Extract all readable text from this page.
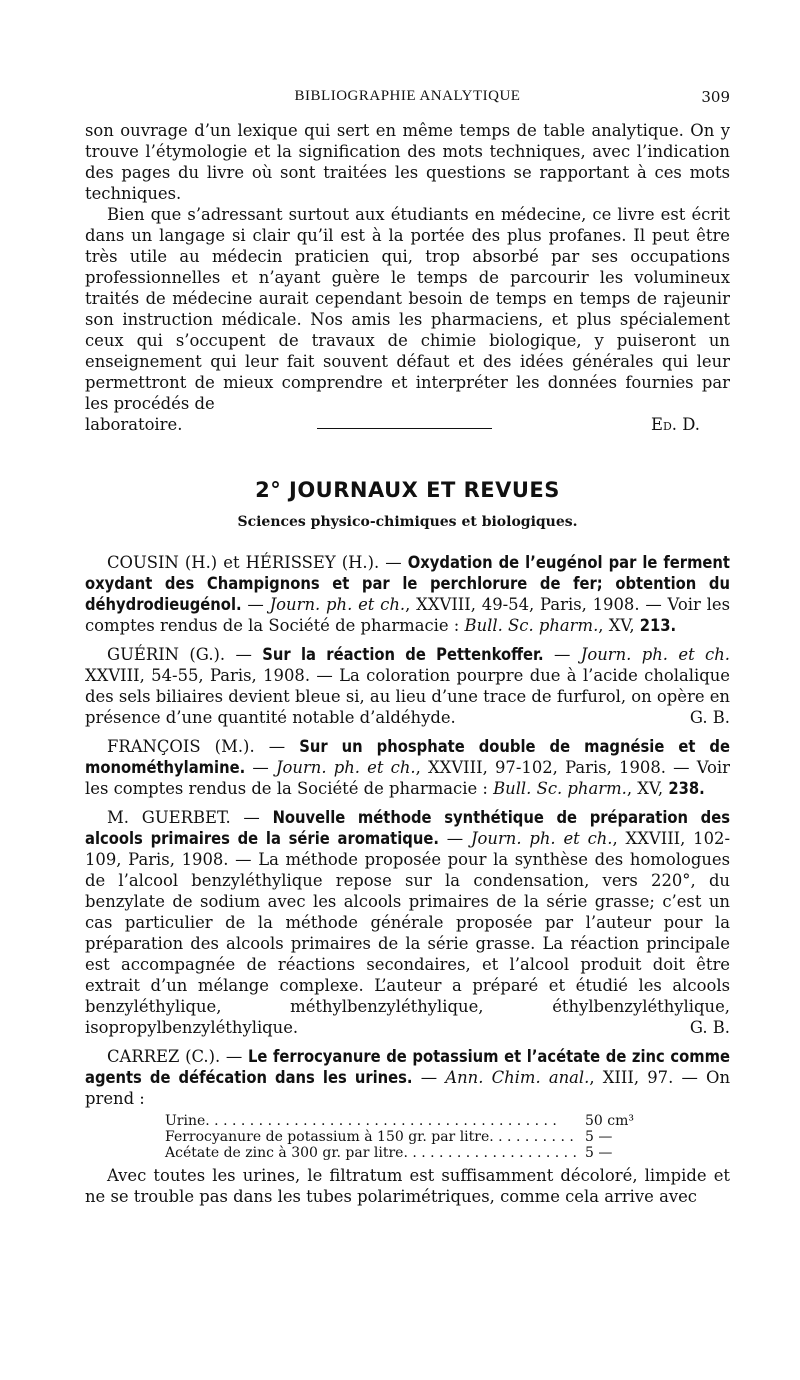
BIBLIOGRAPHIE ANALYTIQUE	309

son ouvrage d’un lexique qui sert en même temps de table analytique. On y trouve l’étymologie et la signification des mots techniques, avec l’indication des pages du livre où sont traitées les questions se rapportant à ces mots techniques.

Bien que s’adressant surtout aux étudiants en médecine, ce livre est écrit dans un langage si clair qu’il est à la portée des plus profanes. Il peut être très utile au médecin praticien qui, trop absorbé par ses occupations professionnelles et n’ayant guère le temps de parcourir les volumineux traités de médecine aurait cependant besoin de temps en temps de rajeunir son instruction médicale. Nos amis les pharmaciens, et plus spécialement ceux qui s’occupent de travaux de chimie biologique, y puiseront un enseignement qui leur fait souvent défaut et des idées générales qui leur permettront de mieux comprendre et interpréter les données fournies par les procédés de

laboratoire.	Ed. D.
2° JOURNAUX ET REVUES
Sciences physico-chimiques et biologiques.

COUSIN (H.) et HÉRISSEY (H.). — Oxydation de l’eugénol par le ferment oxydant des Champignons et par le perchlorure de fer; obtention du déhydrodieugénol. — Journ. ph. et ch., XXVIII, 49-54, Paris, 1908. — Voir les comptes rendus de la Société de pharmacie : Bull. Sc. pharm., XV, 213.

GUÉRIN (G.). — Sur la réaction de Pettenkoffer. — Journ. ph. et ch. XXVIII, 54-55, Paris, 1908. — La coloration pourpre due à l’acide cholalique des sels biliaires devient bleue si, au lieu d’une trace de furfurol, on opère en présence d’une quantité notable d’aldéhyde.	G. B.

FRANÇOIS (M.). — Sur un phosphate double de magnésie et de monométhylamine. — Journ. ph. et ch., XXVIII, 97-102, Paris, 1908. — Voir les comptes rendus de la Société de pharmacie : Bull. Sc. pharm., XV, 238.

M. GUERBET. — Nouvelle méthode synthétique de préparation des alcools primaires de la série aromatique. — Journ. ph. et ch., XXVIII, 102-109, Paris, 1908. — La méthode proposée pour la synthèse des homologues de l’alcool benzyléthylique repose sur la condensation, vers 220°, du benzylate de sodium avec les alcools primaires de la série grasse; c’est un cas particulier de la méthode générale proposée par l’auteur pour la préparation des alcools primaires de la série grasse. La réaction principale est accompagnée de réactions secondaires, et l’alcool produit doit être extrait d’un mélange complexe. L’auteur a préparé et étudié les alcools benzyléthylique, méthylbenzyléthylique, éthylbenzyléthylique, isopropylbenzyléthylique.	G. B.

CARREZ (C.). — Le ferrocyanure de potassium et l’acétate de zinc comme agents de défécation dans les urines. — Ann. Chim. anal., XIII, 97. — On prend :

Urine . . .	50 cm³
Ferrocyanure de potassium à 150 gr. par litre . . .	5 —
Acétate de zinc à 300 gr. par litre . . .	5 —

Avec toutes les urines, le filtratum est suffisamment décoloré, limpide et ne se trouble pas dans les tubes polarimétriques, comme cela arrive avec
